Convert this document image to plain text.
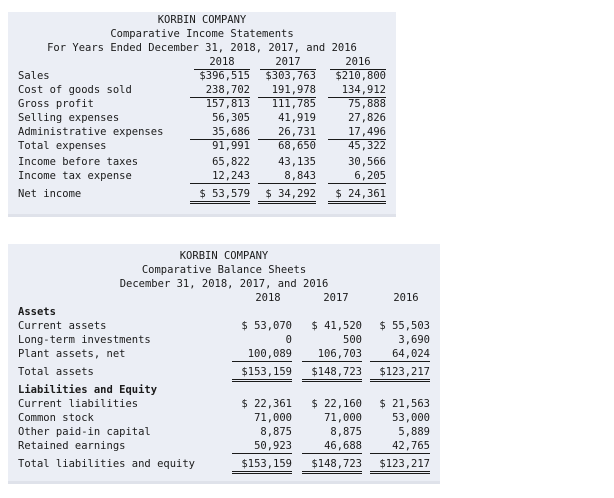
KORBIN COMPANY
Comparative Income Statements
For Years Ended December 31, 2018, 2017, and 2016
2018	2017	2016
Sales	$396,515	$303,763	$210,800
Cost of goods sold	238,702	191,978	134,912
Gross profit	157,813	111,785	75,888
Selling expenses	56,305	41,919	27,826
Administrative expenses	35,686	26,731	17,496
Total expenses	91,991	68,650	45,322
Income before taxes	65,822	43,135	30,566
Income tax expense	12,243	8,843	6,205
Net income	$ 53,579	$ 34,292	$ 24,361
KORBIN COMPANY
Comparative Balance Sheets
December 31, 2018, 2017, and 2016
2018	2017	2016
Assets
Liabilities and Equity
Current assets	$ 53,070	$ 41,520	$ 55,503
Long-term investments	0	500	3,690
Plant assets, net	100,089	106,703	64,024
Total assets	$153,159	$148,723	$123,217
Current liabilities	$ 22,361	$ 22,160	$ 21,563
Common stock	71,000	71,000	53,000
Other paid-in capital	8,875	8,875	5,889
Retained earnings	50,923	46,688	42,765
Total liabilities and equity	$153,159	$148,723	$123,217
